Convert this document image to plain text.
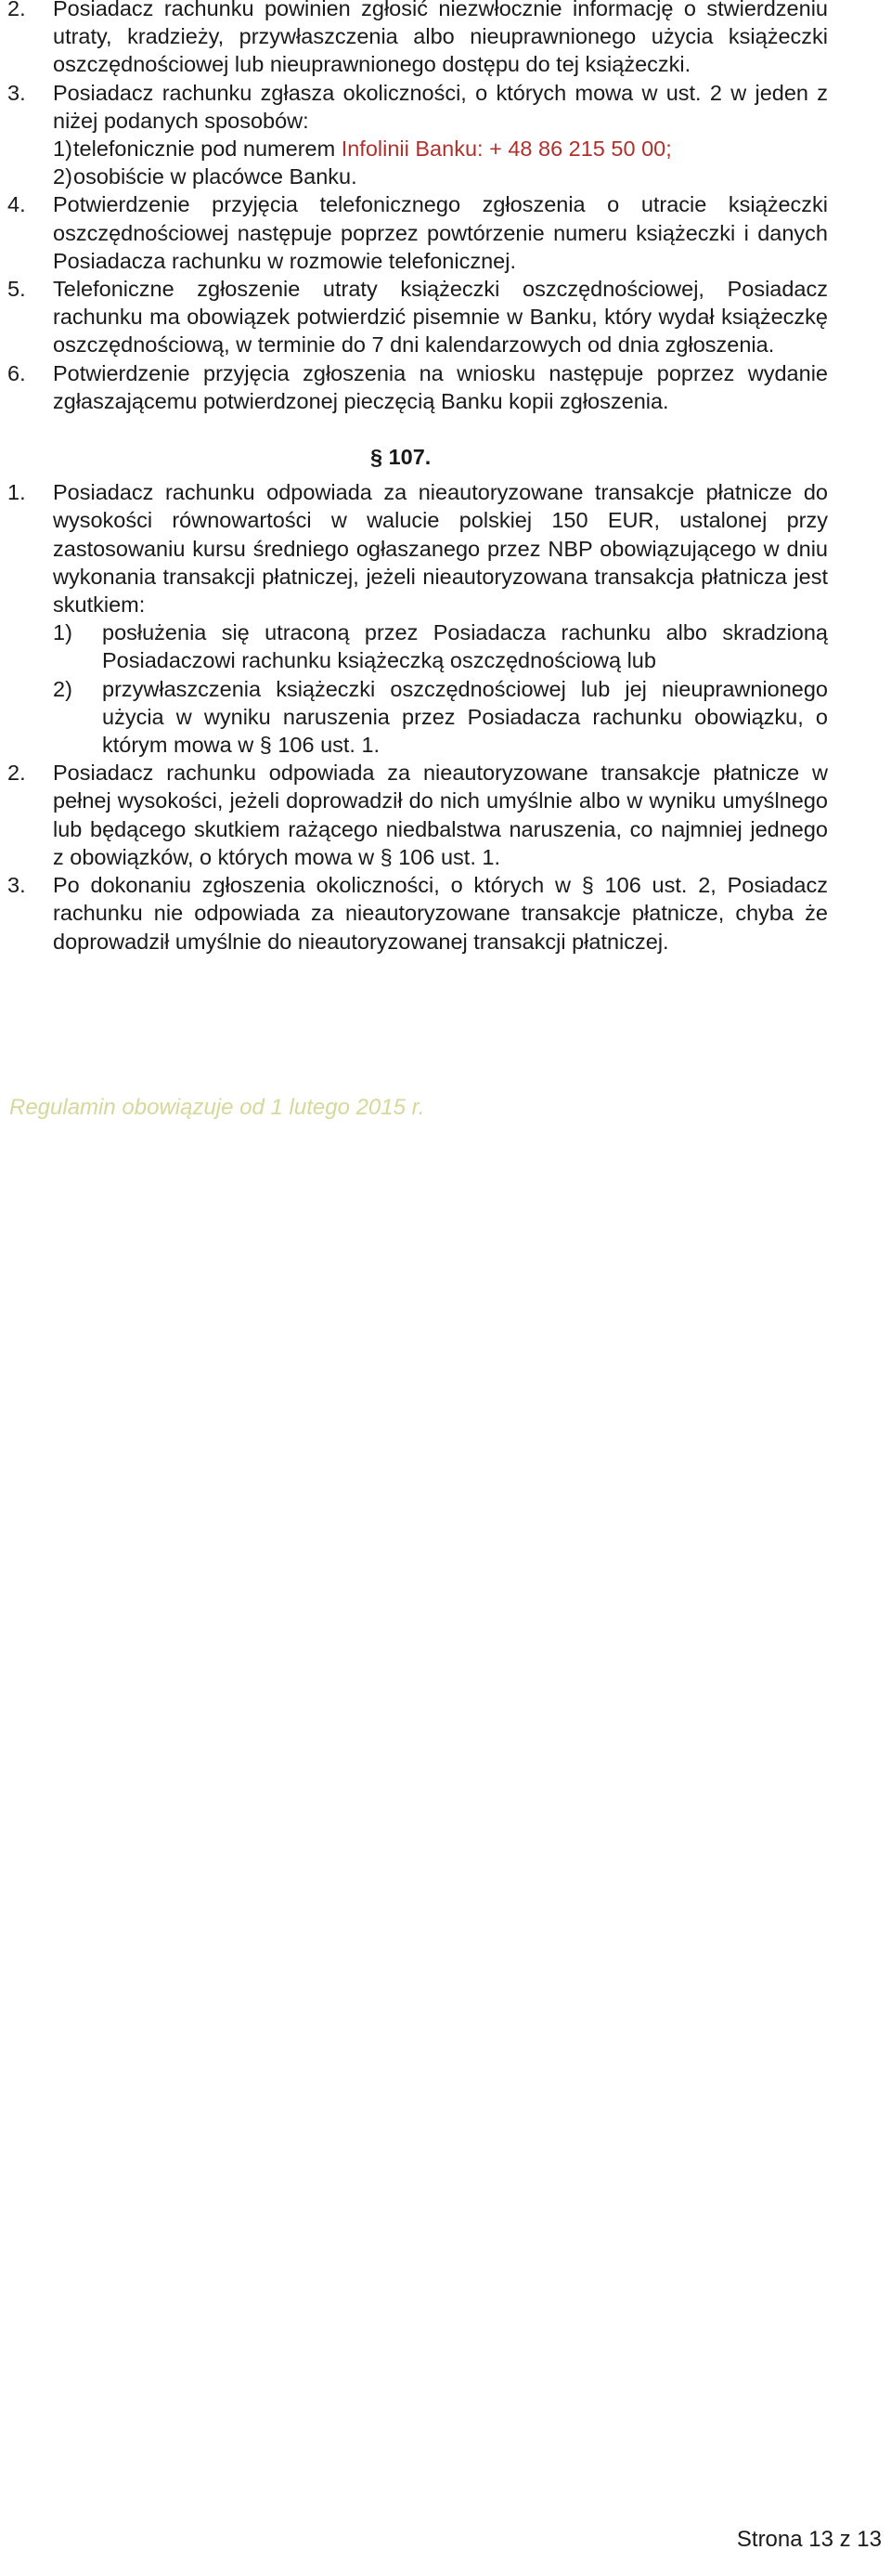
2. Posiadacz rachunku powinien zgłosić niezwłocznie informację o stwierdzeniu utraty, kradzieży, przywłaszczenia albo nieuprawnionego użycia książeczki oszczędnościowej lub nieuprawnionego dostępu do tej książeczki.
3. Posiadacz rachunku zgłasza okoliczności, o których mowa w ust. 2 w jeden z niżej podanych sposobów:
1) telefonicznie pod numerem Infolinii Banku: + 48 86 215 50 00;
2) osobiście w placówce Banku.
4. Potwierdzenie przyjęcia telefonicznego zgłoszenia o utracie książeczki oszczędnościowej następuje poprzez powtórzenie numeru książeczki i danych Posiadacza rachunku w rozmowie telefonicznej.
5. Telefoniczne zgłoszenie utraty książeczki oszczędnościowej, Posiadacz rachunku ma obowiązek potwierdzić pisemnie w Banku, który wydał książeczkę oszczędnościową, w terminie do 7 dni kalendarzowych od dnia zgłoszenia.
6. Potwierdzenie przyjęcia zgłoszenia na wniosku następuje poprzez wydanie zgłaszającemu potwierdzonej pieczęcią Banku kopii zgłoszenia.
§ 107.
1. Posiadacz rachunku odpowiada za nieautoryzowane transakcje płatnicze do wysokości równowartości w walucie polskiej 150 EUR, ustalonej przy zastosowaniu kursu średniego ogłaszanego przez NBP obowiązującego w dniu wykonania transakcji płatniczej, jeżeli nieautoryzowana transakcja płatnicza jest skutkiem:
1) posłużenia się utraconą przez Posiadacza rachunku albo skradzioną Posiadaczowi rachunku książeczką oszczędnościową lub
2) przywłaszczenia książeczki oszczędnościowej lub jej nieuprawnionego użycia w wyniku naruszenia przez Posiadacza rachunku obowiązku, o którym mowa w § 106 ust. 1.
2. Posiadacz rachunku odpowiada za nieautoryzowane transakcje płatnicze w pełnej wysokości, jeżeli doprowadził do nich umyślnie albo w wyniku umyślnego lub będącego skutkiem rażącego niedbalstwa naruszenia, co najmniej jednego z obowiązków, o których mowa w § 106 ust. 1.
3. Po dokonaniu zgłoszenia okoliczności, o których w § 106 ust. 2, Posiadacz rachunku nie odpowiada za nieautoryzowane transakcje płatnicze, chyba że doprowadził umyślnie do nieautoryzowanej transakcji płatniczej.
Regulamin obowiązuje od 1 lutego 2015 r.
Strona 13 z 13
